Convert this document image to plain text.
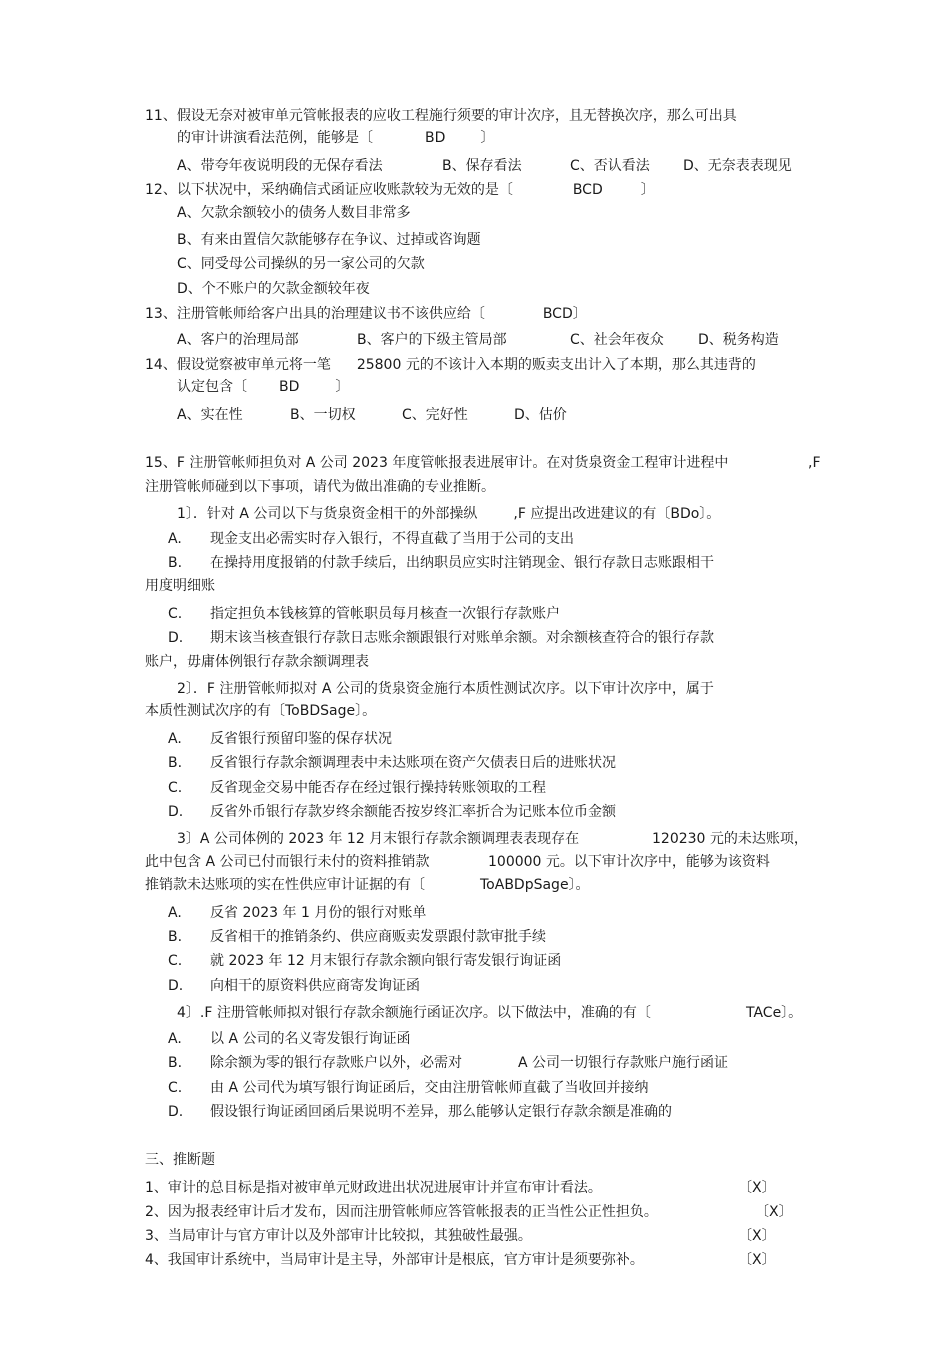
11、假设无奈对被审单元管帐报表的应收工程施行须要的审计次序，且无替换次序，那么可出具
的审计讲演看法范例，能够是〔	BD	〕
A、带夸年夜说明段的无保存看法	B、保存看法	C、否认看法 D、无奈表表现见
12、以下状况中，采纳确信式函证应收账款较为无效的是〔	BCD	〕
A、欠款余额较小的债务人数目非常多
B、有来由置信欠款能够存在争议、过掉或咨询题
C、同受母公司操纵的另一家公司的欠款
D、个不账户的欠款金额较年夜
13、注册管帐师给客户出具的治理建议书不该供应给〔	BCD〕
A、客户的治理局部	B、客户的下级主管局部	C、社会年夜众 D、税务构造
14、假设觉察被审单元将一笔 25800 元的不该计入本期的贩卖支出计入了本期，那么其违背的
认定包含〔 BD	〕
A、实在性	B、一切权	C、完好性	D、估价
15、F 注册管帐师担负对 A 公司 2023 年度管帐报表进展审计。在对货泉资金工程审计进程中	,F
注册管帐师碰到以下事项，请代为做出准确的专业推断。
1〕．针对 A 公司以下与货泉资金相干的外部操纵	,F 应提出改进建议的有〔BDo〕。
A. 现金支出必需实时存入银行，不得直截了当用于公司的支出
B. 在操持用度报销的付款手续后，出纳职员应实时注销现金、银行存款日志账跟相干
用度明细账
C. 指定担负本钱核算的管帐职员每月核查一次银行存款账户
D. 期末该当核查银行存款日志账余额跟银行对账单余额。对余额核查符合的银行存款
账户，毋庸体例银行存款余额调理表
2〕．F 注册管帐师拟对 A 公司的货泉资金施行本质性测试次序。以下审计次序中，属于
本质性测试次序的有〔ToBDSage〕。
A. 反省银行预留印鉴的保存状况
B. 反省银行存款余额调理表中未达账项在资产欠债表日后的进账状况
C. 反省现金交易中能否存在经过银行操持转账领取的工程
D. 反省外币银行存款岁终余额能否按岁终汇率折合为记账本位币金额
3〕A 公司体例的 2023 年 12 月末银行存款余额调理表表现存在	120230 元的未达账项，
此中包含 A 公司已付而银行未付的资料推销款	100000 元。以下审计次序中，能够为该资料
推销款未达账项的实在性供应审计证据的有〔	ToABDpSage〕。
A. 反省 2023 年 1 月份的银行对账单
B. 反省相干的推销条约、供应商贩卖发票跟付款审批手续
C. 就 2023 年 12 月末银行存款余额向银行寄发银行询证函
D. 向相干的原资料供应商寄发询证函
4〕.F 注册管帐师拟对银行存款余额施行函证次序。以下做法中，准确的有〔	TACe〕。
A. 以 A 公司的名义寄发银行询证函
B. 除余额为零的银行存款账户以外，必需对	A 公司一切银行存款账户施行函证
C. 由 A 公司代为填写银行询证函后，交由注册管帐师直截了当收回并接纳
D. 假设银行询证函回函后果说明不差异，那么能够认定银行存款余额是准确的
三、推断题
1、审计的总目标是指对被审单元财政进出状况进展审计并宣布审计看法。	〔X〕
2、因为报表经审计后才发布，因而注册管帐师应答管帐报表的正当性公正性担负。	〔X〕
3、当局审计与官方审计以及外部审计比较拟，其独破性最强。	〔X〕
4、我国审计系统中，当局审计是主导，外部审计是根底，官方审计是须要弥补。	〔X〕
